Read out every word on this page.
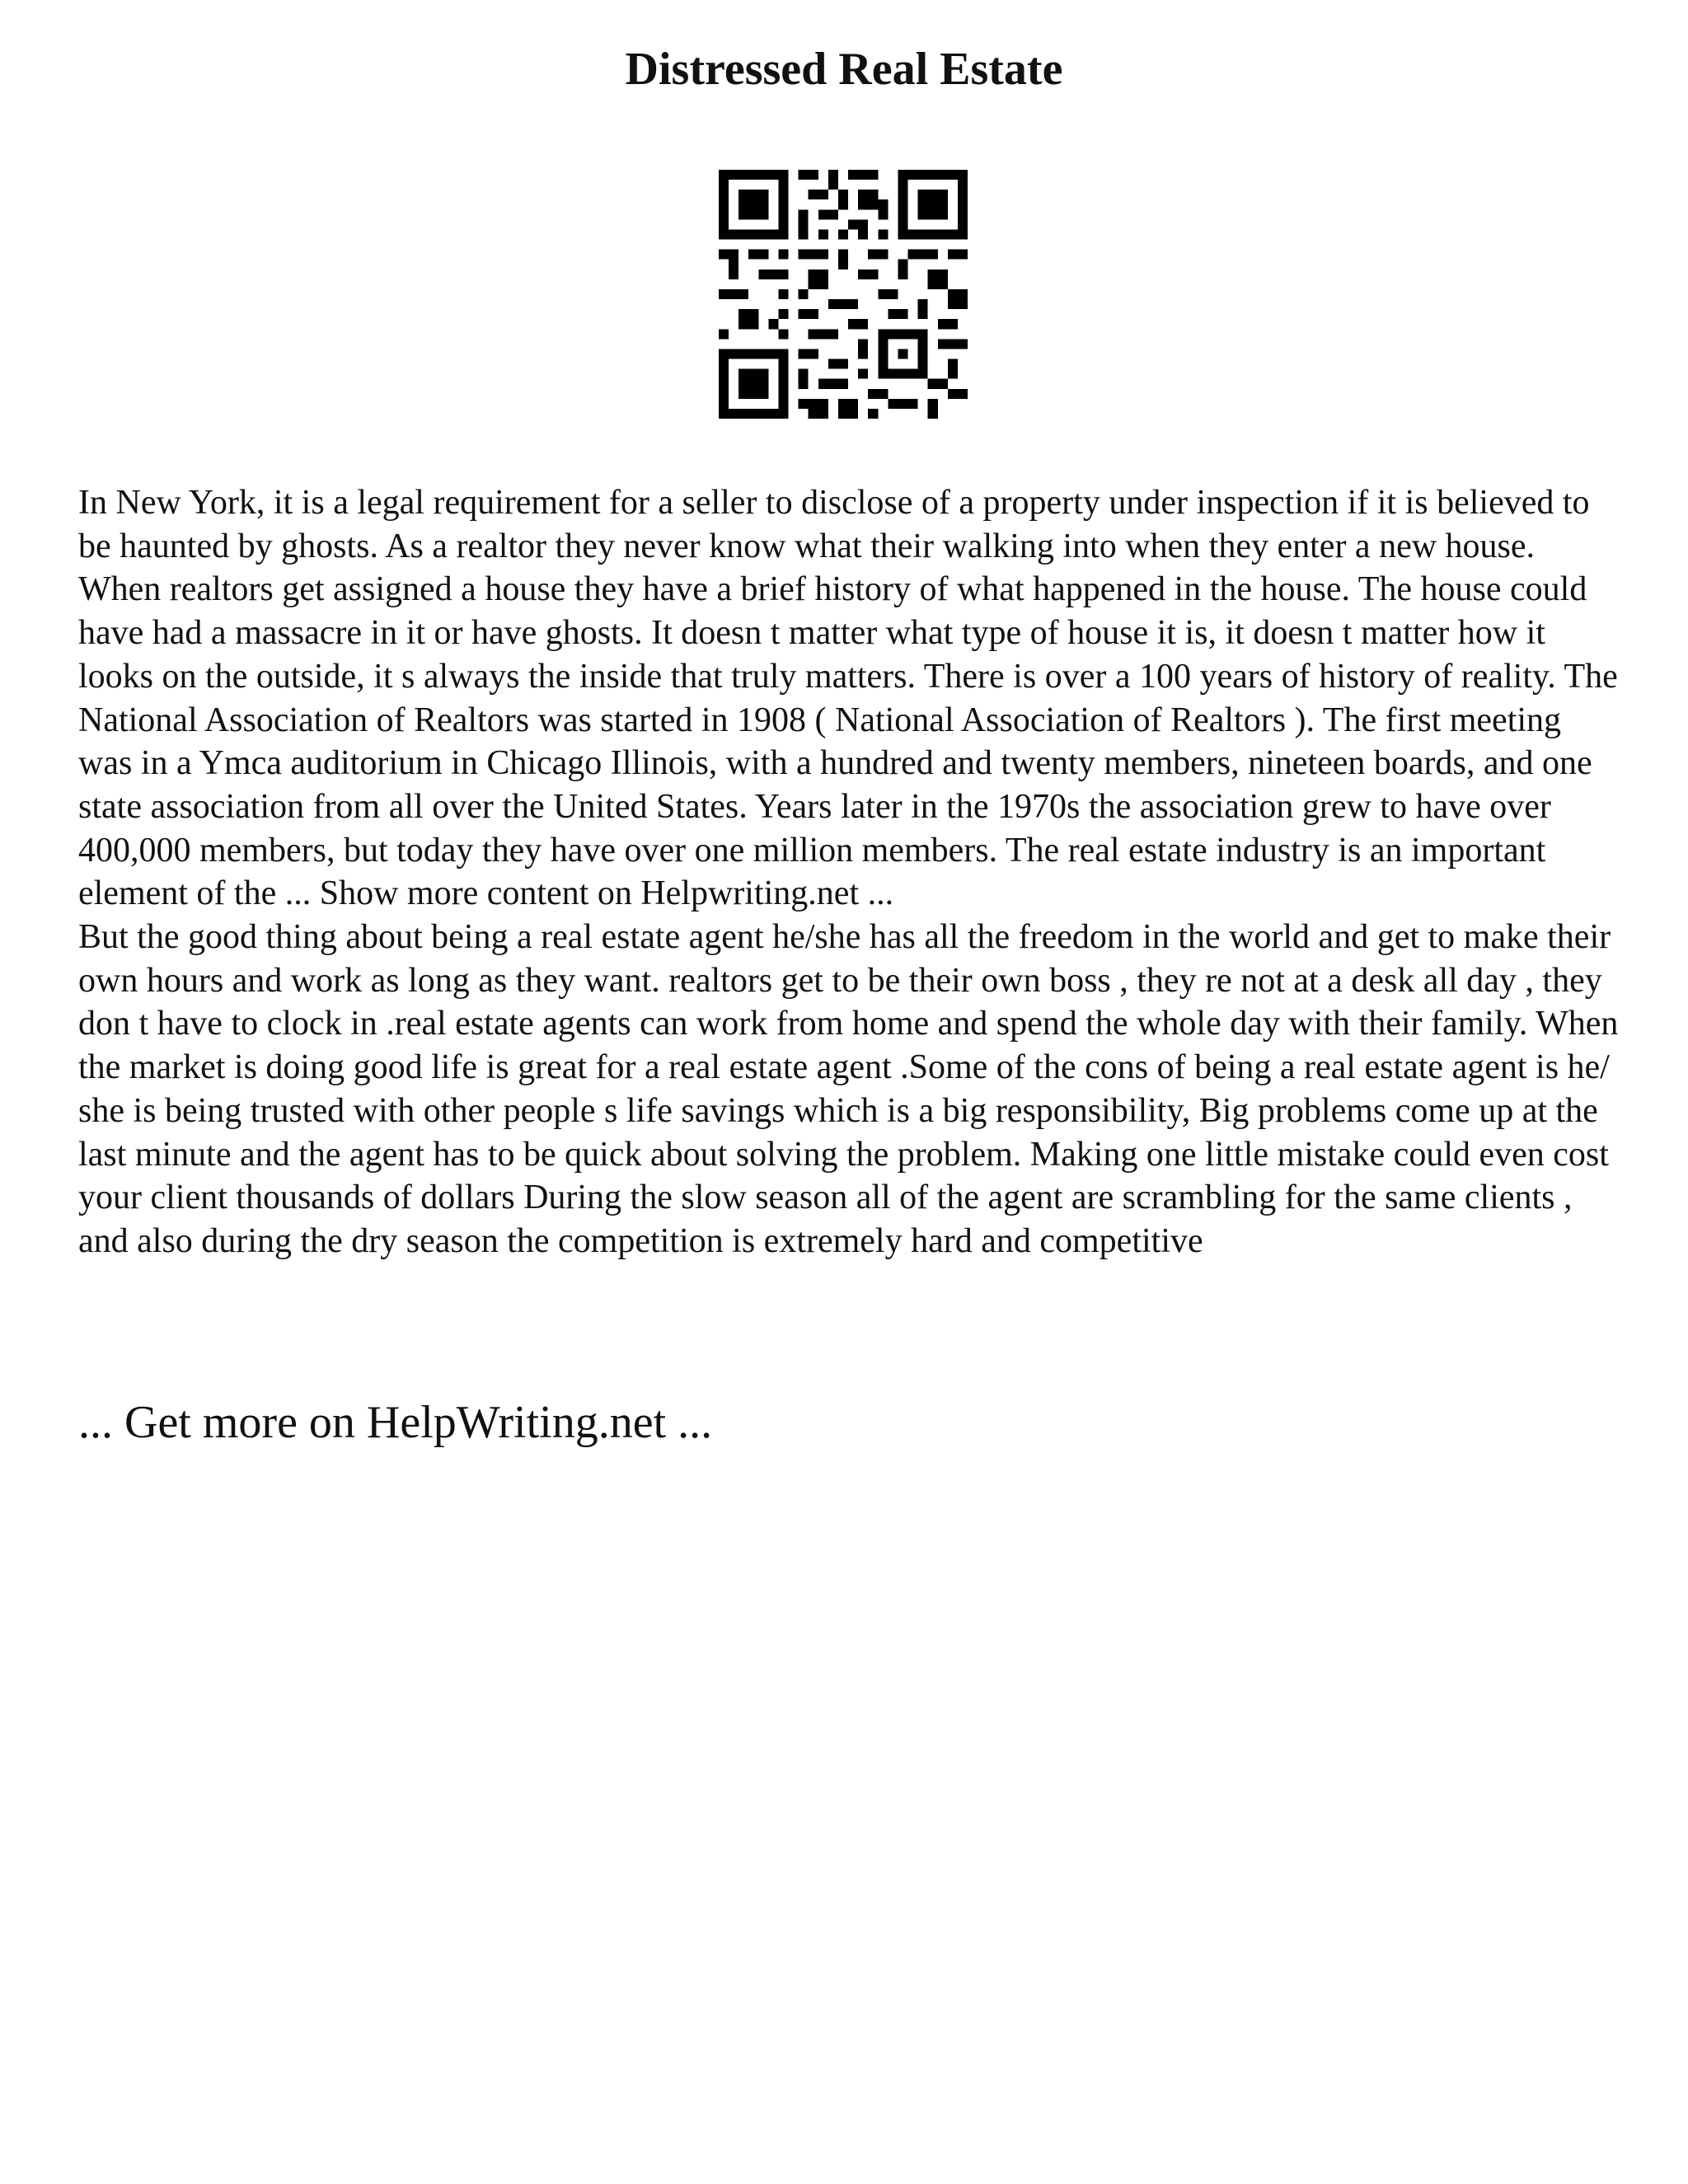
Distressed Real Estate

In New York, it is a legal requirement for a seller to disclose of a property under inspection if it is believed to be haunted by ghosts. As a realtor they never know what their walking into when they enter a new house. When realtors get assigned a house they have a brief history of what happened in the house. The house could have had a massacre in it or have ghosts. It doesn t matter what type of house it is, it doesn t matter how it looks on the outside, it s always the inside that truly matters. There is over a 100 years of history of reality. The National Association of Realtors was started in 1908 ( National Association of Realtors ). The first meeting was in a Ymca auditorium in Chicago Illinois, with a hundred and twenty members, nineteen boards, and one state association from all over the United States. Years later in the 1970s the association grew to have over 400,000 members, but today they have over one million members. The real estate industry is an important element of the ... Show more content on Helpwriting.net ...

But the good thing about being a real estate agent he/she has all the freedom in the world and get to make their own hours and work as long as they want. realtors get to be their own boss , they re not at a desk all day , they don t have to clock in .real estate agents can work from home and spend the whole day with their family. When the market is doing good life is great for a real estate agent .Some of the cons of being a real estate agent is he/ she is being trusted with other people s life savings which is a big responsibility, Big problems come up at the last minute and the agent has to be quick about solving the problem. Making one little mistake could even cost your client thousands of dollars During the slow season all of the agent are scrambling for the same clients , and also during the dry season the competition is extremely hard and competitive

... Get more on HelpWriting.net ...
